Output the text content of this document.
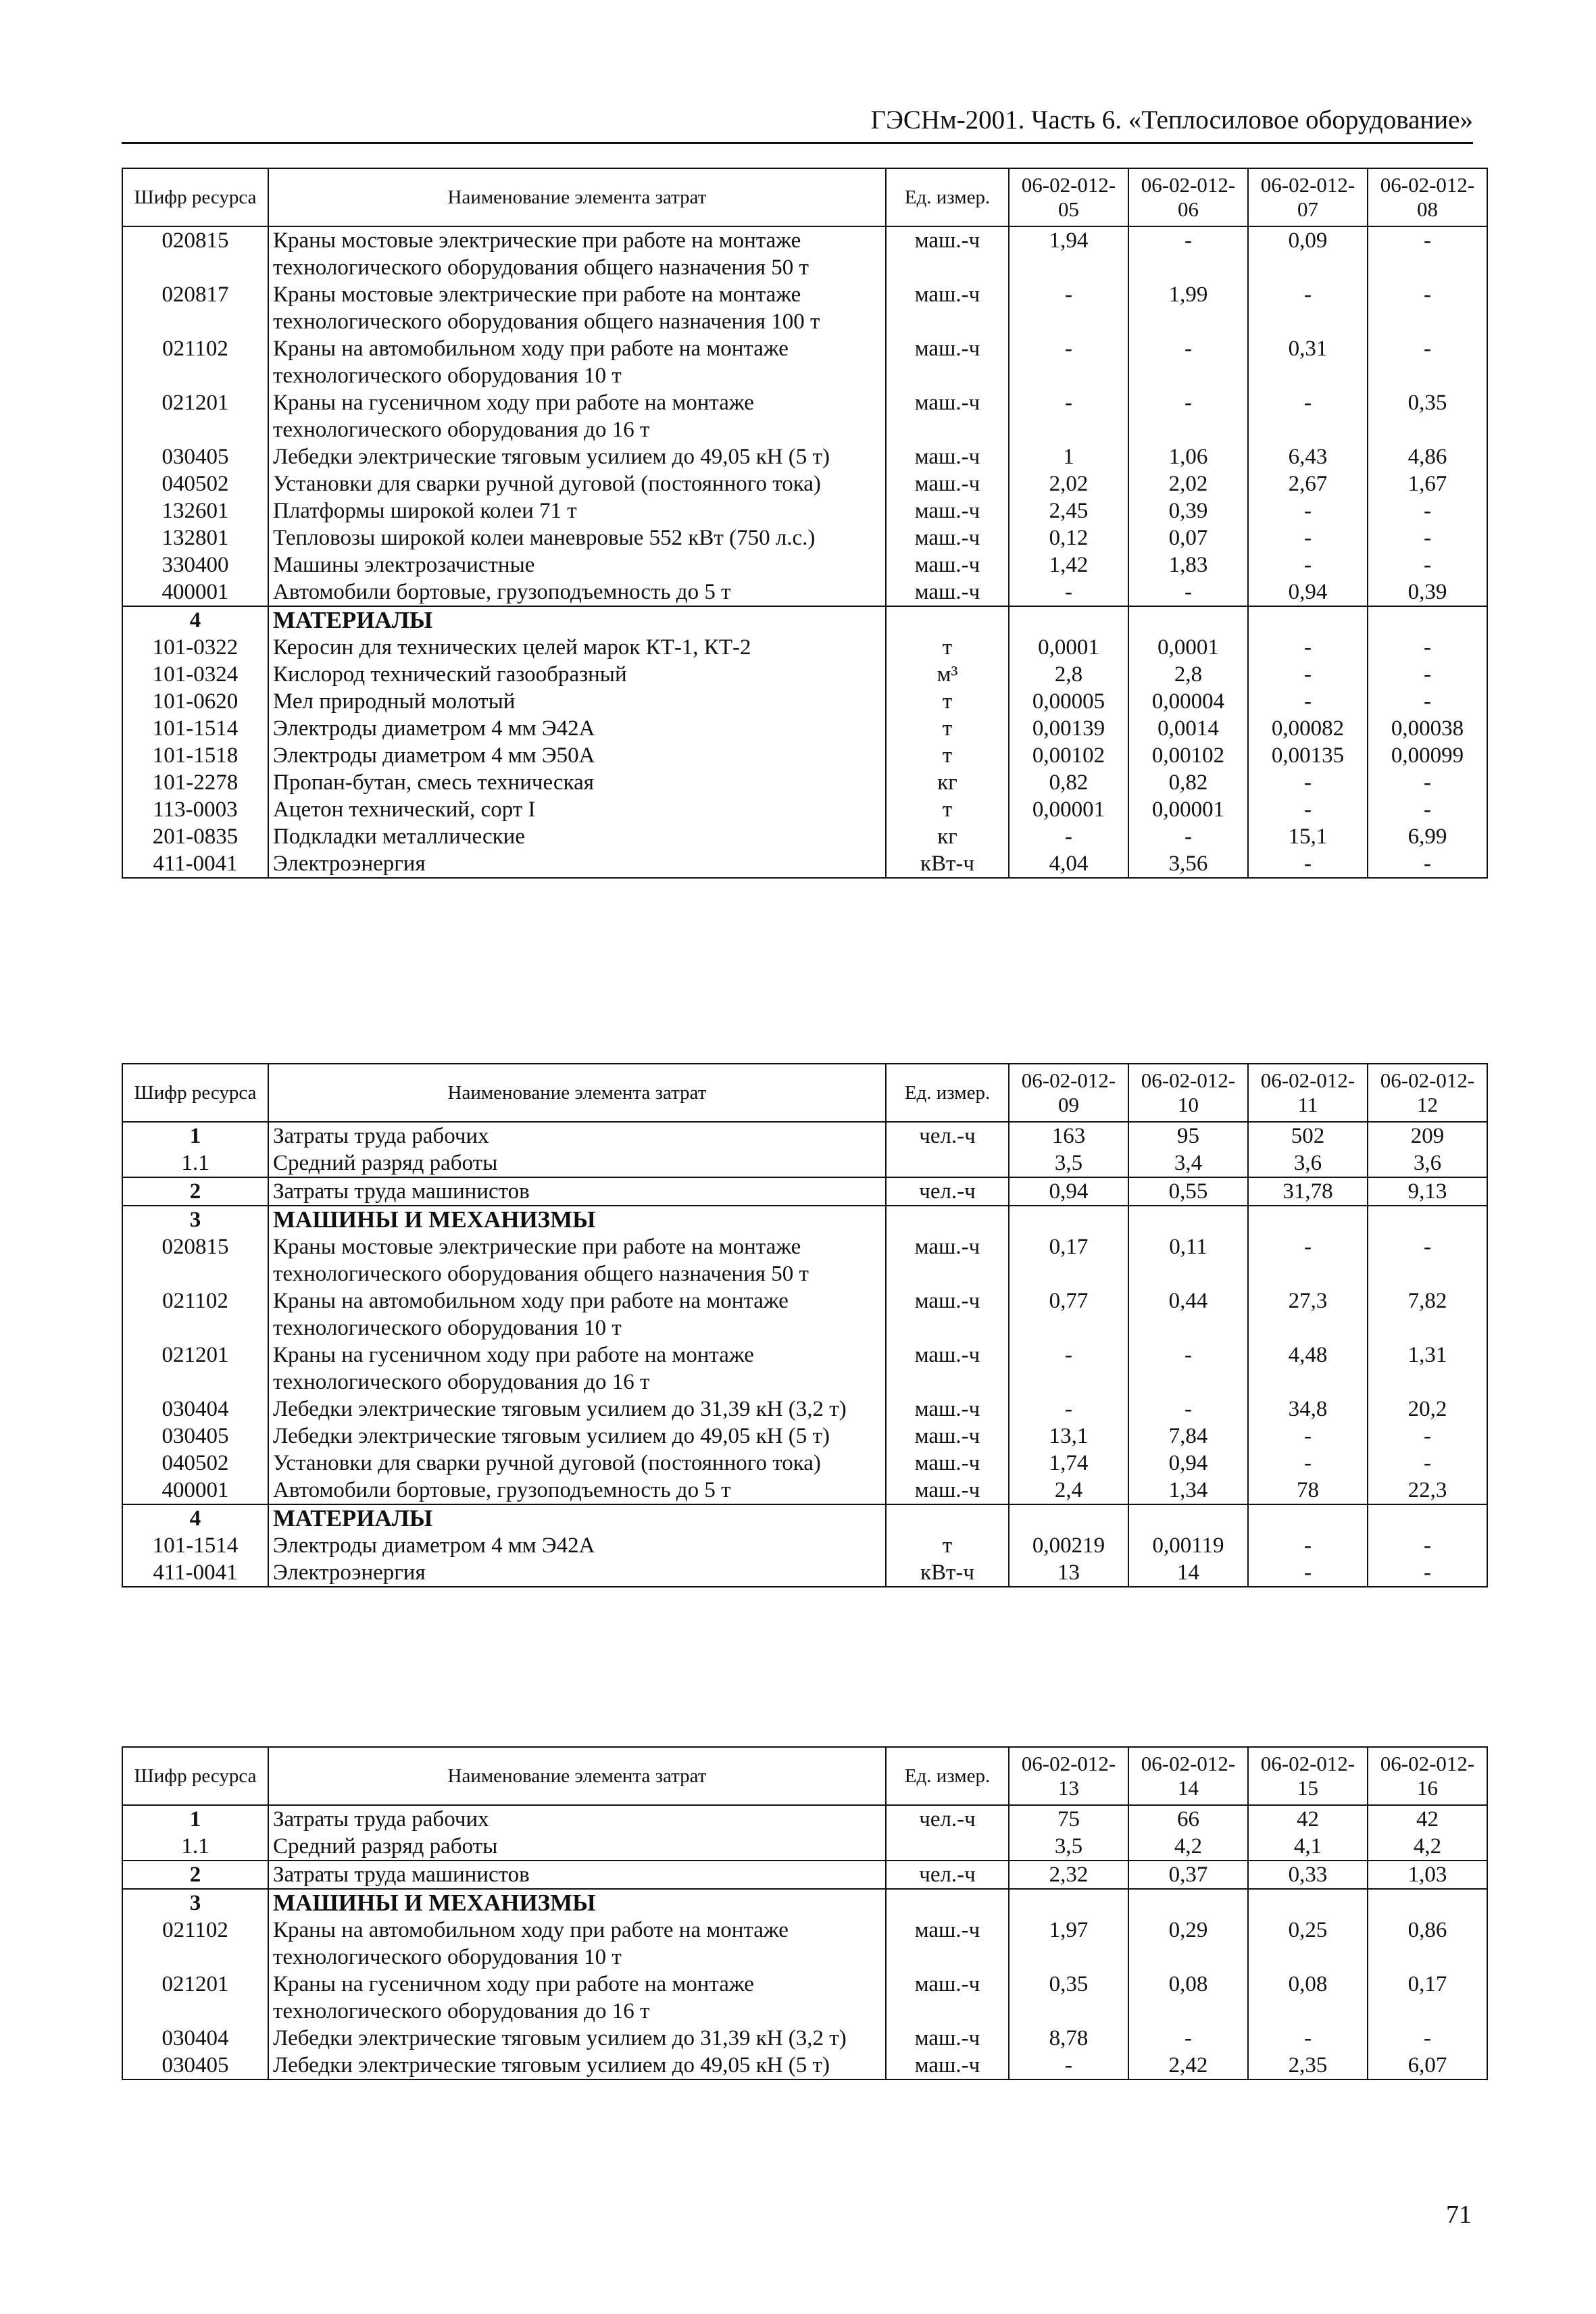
ГЭСНм-2001. Часть 6. «Теплосиловое оборудование»
Шифр ресурса	Наименование элемента затрат	Ед. измер.	06-02-012-05	06-02-012-06	06-02-012-07	06-02-012-08
020815	Краны мостовые электрические при работе на монтаже технологического оборудования общего назначения 50 т	маш.-ч	1,94	-	0,09	-
020817	Краны мостовые электрические при работе на монтаже технологического оборудования общего назначения 100 т	маш.-ч	-	1,99	-	-
021102	Краны на автомобильном ходу при работе на монтаже технологического оборудования 10 т	маш.-ч	-	-	0,31	-
021201	Краны на гусеничном ходу при работе на монтаже технологического оборудования до 16 т	маш.-ч	-	-	-	0,35
030405	Лебедки электрические тяговым усилием до 49,05 кН (5 т)	маш.-ч	1	1,06	6,43	4,86
040502	Установки для сварки ручной дуговой (постоянного тока)	маш.-ч	2,02	2,02	2,67	1,67
132601	Платформы широкой колеи 71 т	маш.-ч	2,45	0,39	-	-
132801	Тепловозы широкой колеи маневровые 552 кВт (750 л.с.)	маш.-ч	0,12	0,07	-	-
330400	Машины электрозачистные	маш.-ч	1,42	1,83	-	-
400001	Автомобили бортовые, грузоподъемность до 5 т	маш.-ч	-	-	0,94	0,39
4	МАТЕРИАЛЫ					
101-0322	Керосин для технических целей марок КТ-1, КТ-2	т	0,0001	0,0001	-	-
101-0324	Кислород технический газообразный	м³	2,8	2,8	-	-
101-0620	Мел природный молотый	т	0,00005	0,00004	-	-
101-1514	Электроды диаметром 4 мм Э42А	т	0,00139	0,0014	0,00082	0,00038
101-1518	Электроды диаметром 4 мм Э50А	т	0,00102	0,00102	0,00135	0,00099
101-2278	Пропан-бутан, смесь техническая	кг	0,82	0,82	-	-
113-0003	Ацетон технический, сорт I	т	0,00001	0,00001	-	-
201-0835	Подкладки металлические	кг	-	-	15,1	6,99
411-0041	Электроэнергия	кВт-ч	4,04	3,56	-	-
Шифр ресурса	Наименование элемента затрат	Ед. измер.	06-02-012-09	06-02-012-10	06-02-012-11	06-02-012-12
1	Затраты труда рабочих	чел.-ч	163	95	502	209
1.1	Средний разряд работы		3,5	3,4	3,6	3,6
2	Затраты труда машинистов	чел.-ч	0,94	0,55	31,78	9,13
3	МАШИНЫ И МЕХАНИЗМЫ					
020815	Краны мостовые электрические при работе на монтаже технологического оборудования общего назначения 50 т	маш.-ч	0,17	0,11	-	-
021102	Краны на автомобильном ходу при работе на монтаже технологического оборудования 10 т	маш.-ч	0,77	0,44	27,3	7,82
021201	Краны на гусеничном ходу при работе на монтаже технологического оборудования до 16 т	маш.-ч	-	-	4,48	1,31
030404	Лебедки электрические тяговым усилием до 31,39 кН (3,2 т)	маш.-ч	-	-	34,8	20,2
030405	Лебедки электрические тяговым усилием до 49,05 кН (5 т)	маш.-ч	13,1	7,84	-	-
040502	Установки для сварки ручной дуговой (постоянного тока)	маш.-ч	1,74	0,94	-	-
400001	Автомобили бортовые, грузоподъемность до 5 т	маш.-ч	2,4	1,34	78	22,3
4	МАТЕРИАЛЫ					
101-1514	Электроды диаметром 4 мм Э42А	т	0,00219	0,00119	-	-
411-0041	Электроэнергия	кВт-ч	13	14	-	-
Шифр ресурса	Наименование элемента затрат	Ед. измер.	06-02-012-13	06-02-012-14	06-02-012-15	06-02-012-16
1	Затраты труда рабочих	чел.-ч	75	66	42	42
1.1	Средний разряд работы		3,5	4,2	4,1	4,2
2	Затраты труда машинистов	чел.-ч	2,32	0,37	0,33	1,03
3	МАШИНЫ И МЕХАНИЗМЫ					
021102	Краны на автомобильном ходу при работе на монтаже технологического оборудования 10 т	маш.-ч	1,97	0,29	0,25	0,86
021201	Краны на гусеничном ходу при работе на монтаже технологического оборудования до 16 т	маш.-ч	0,35	0,08	0,08	0,17
030404	Лебедки электрические тяговым усилием до 31,39 кН (3,2 т)	маш.-ч	8,78	-	-	-
030405	Лебедки электрические тяговым усилием до 49,05 кН (5 т)	маш.-ч	-	2,42	2,35	6,07
71
